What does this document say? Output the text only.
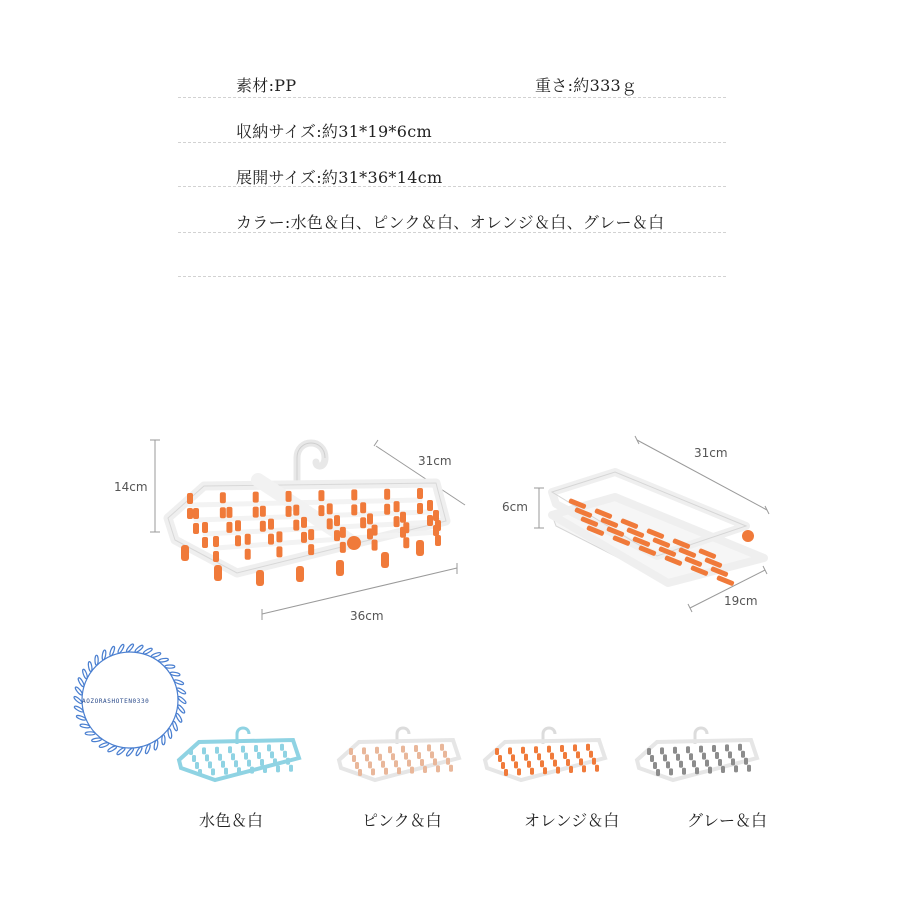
素材:PP	重さ:約333ｇ
収納サイズ:約31*19*6cm
展開サイズ:約31*36*14cm
カラー:水色＆白、ピンク＆白、オレンジ＆白、グレー＆白
14cm
31cm
36cm
31cm
6cm
19cm
AOZORASHOTEN0330
水色＆白	ピンク＆白	オレンジ＆白	グレー＆白
